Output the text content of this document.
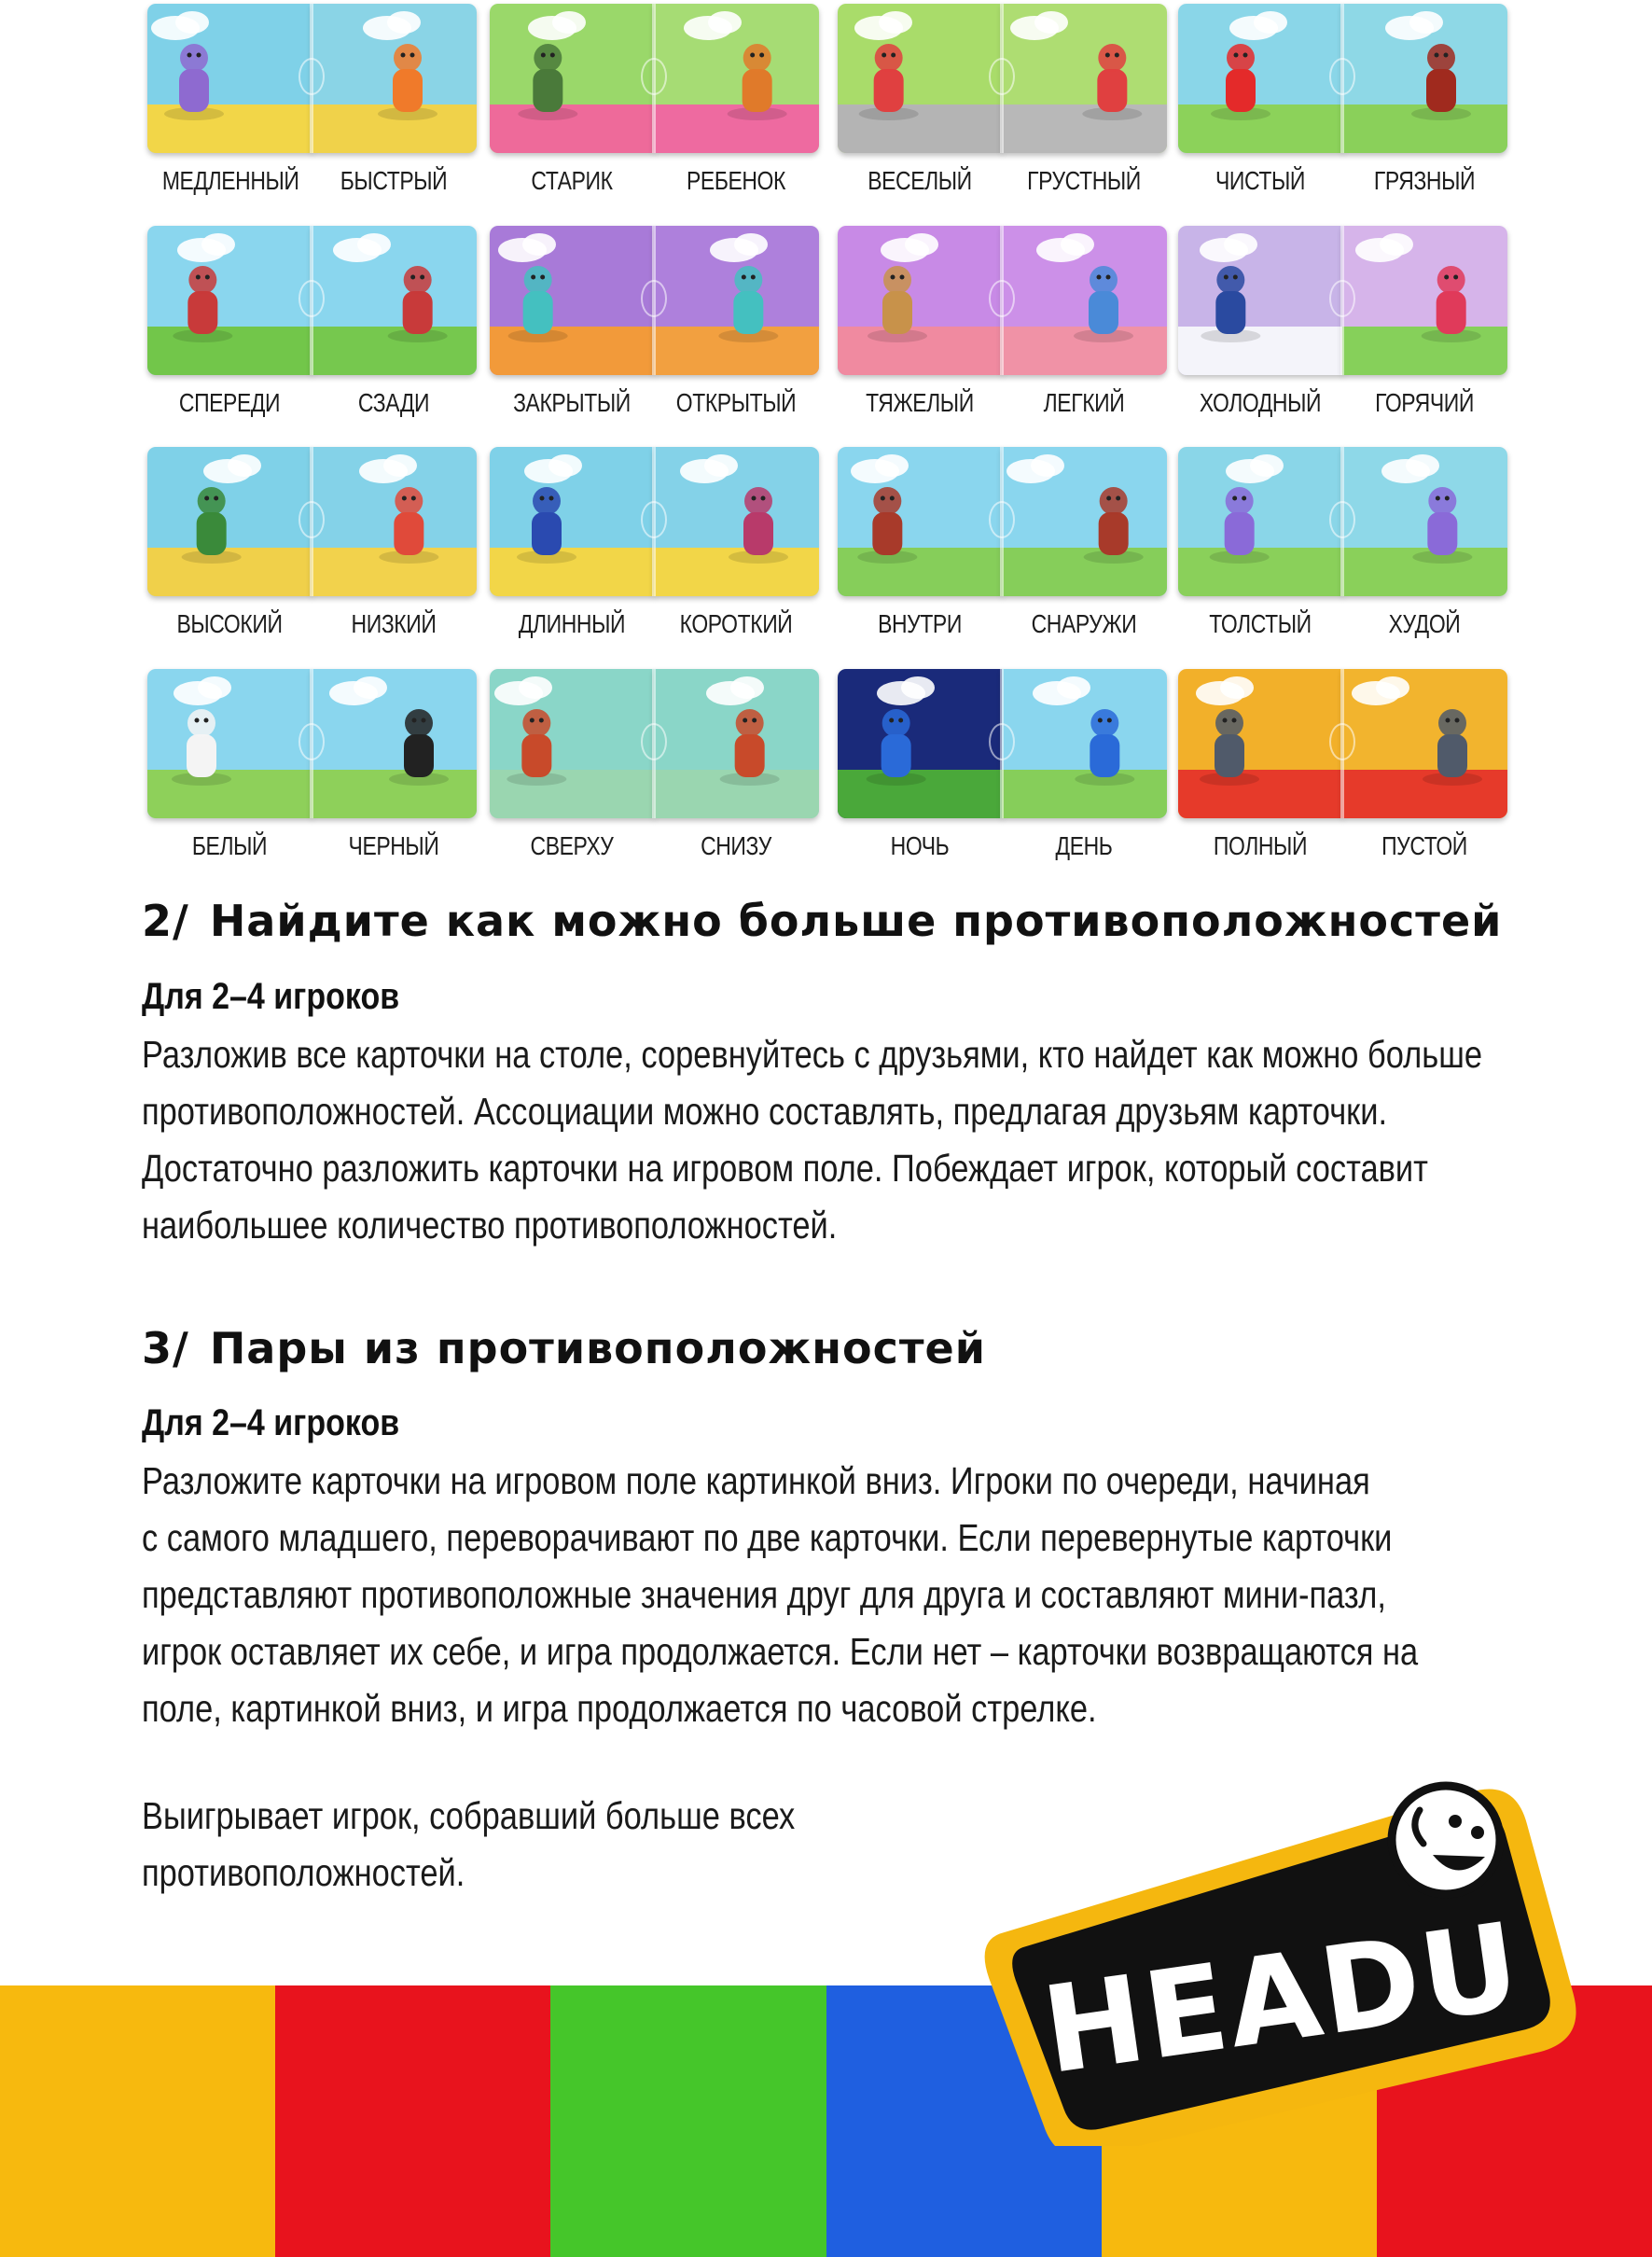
МЕДЛЕННЫЙ	БЫСТРЫЙ	СТАРИК	РЕБЕНОК	ВЕСЕЛЫЙ	ГРУСТНЫЙ	ЧИСТЫЙ	ГРЯЗНЫЙ
СПЕРЕДИ	СЗАДИ	ЗАКРЫТЫЙ	ОТКРЫТЫЙ	ТЯЖЕЛЫЙ	ЛЕГКИЙ	ХОЛОДНЫЙ	ГОРЯЧИЙ
ВЫСОКИЙ	НИЗКИЙ	ДЛИННЫЙ	КОРОТКИЙ	ВНУТРИ	СНАРУЖИ	ТОЛСТЫЙ	ХУДОЙ
БЕЛЫЙ	ЧЕРНЫЙ	СВЕРХУ	СНИЗУ	НОЧЬ	ДЕНЬ	ПОЛНЫЙ	ПУСТОЙ
2/ Найдите как можно больше противоположностей
Для 2–4 игроков
Разложив все карточки на столе, соревнуйтесь с друзьями, кто найдет как можно больше
противоположностей. Ассоциации можно составлять, предлагая друзьям карточки.
Достаточно разложить карточки на игровом поле. Побеждает игрок, который составит
наибольшее количество противоположностей.
3/ Пары из противоположностей
Для 2–4 игроков
Разложите карточки на игровом поле картинкой вниз. Игроки по очереди, начиная
с самого младшего, переворачивают по две карточки. Если перевернутые карточки
представляют противоположные значения друг для друга и составляют мини-пазл,
игрок оставляет их себе, и игра продолжается. Если нет – карточки возвращаются на
поле, картинкой вниз, и игра продолжается по часовой стрелке.
Выигрывает игрок, собравший больше всех
противоположностей.
HEADU
